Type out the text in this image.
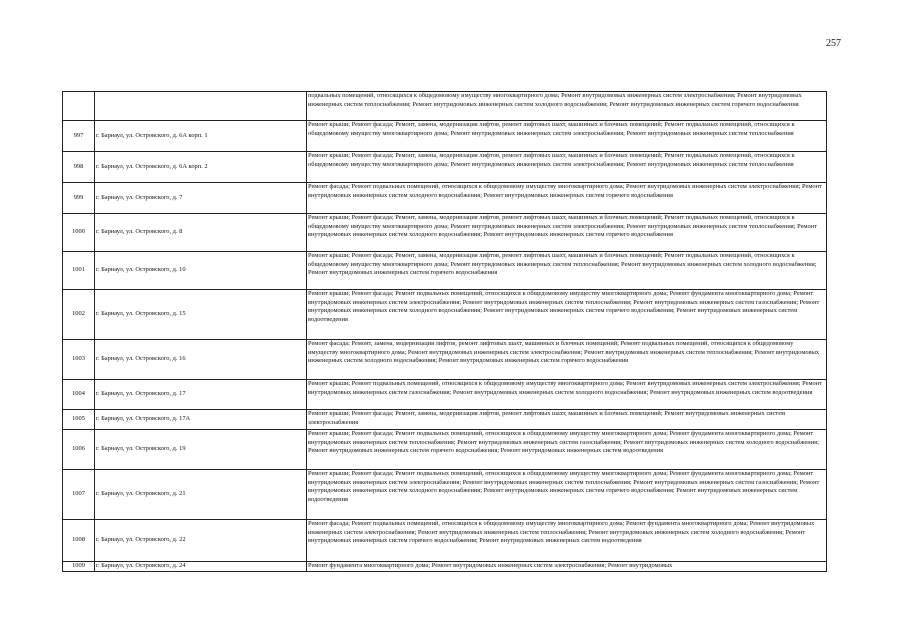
257
		подвальных помещений, относящихся к общедомовому имуществу многоквартирного дома; Ремонт внутридомовых инженерных систем электроснабжения; Ремонт внутридомовых инженерных систем теплоснабжения; Ремонт внутридомовых инженерных систем холодного водоснабжения; Ремонт внутридомовых инженерных систем горячего водоснабжения
997	г. Барнаул, ул. Островского, д. 6А корп. 1	Ремонт крыши; Ремонт фасада; Ремонт, замена, модернизация лифтов, ремонт лифтовых шахт, машинных и блочных помещений; Ремонт подвальных помещений, относящихся к общедомовому имуществу многоквартирного дома; Ремонт внутридомовых инженерных систем электроснабжения; Ремонт внутридомовых инженерных систем теплоснабжения
998	г. Барнаул, ул. Островского, д. 6А корп. 2	Ремонт крыши; Ремонт фасада; Ремонт, замена, модернизация лифтов, ремонт лифтовых шахт, машинных и блочных помещений; Ремонт подвальных помещений, относящихся к общедомовому имуществу многоквартирного дома; Ремонт внутридомовых инженерных систем электроснабжения; Ремонт внутридомовых инженерных систем теплоснабжения
999	г. Барнаул, ул. Островского, д. 7	Ремонт фасада; Ремонт подвальных помещений, относящихся к общедомовому имуществу многоквартирного дома; Ремонт внутридомовых инженерных систем электроснабжения; Ремонт внутридомовых инженерных систем холодного водоснабжения; Ремонт внутридомовых инженерных систем горячего водоснабжения
1000	г. Барнаул, ул. Островского, д. 8	Ремонт крыши; Ремонт фасада; Ремонт, замена, модернизация лифтов, ремонт лифтовых шахт, машинных и блочных помещений; Ремонт подвальных помещений, относящихся к общедомовому имуществу многоквартирного дома; Ремонт внутридомовых инженерных систем электроснабжения; Ремонт внутридомовых инженерных систем теплоснабжения; Ремонт внутридомовых инженерных систем холодного водоснабжения; Ремонт внутридомовых инженерных систем горячего водоснабжения
1001	г. Барнаул, ул. Островского, д. 10	Ремонт крыши; Ремонт фасада; Ремонт, замена, модернизация лифтов, ремонт лифтовых шахт, машинных и блочных помещений; Ремонт подвальных помещений, относящихся к общедомовому имуществу многоквартирного дома; Ремонт внутридомовых инженерных систем теплоснабжения; Ремонт внутридомовых инженерных систем холодного водоснабжения; Ремонт внутридомовых инженерных систем горячего водоснабжения
1002	г. Барнаул, ул. Островского, д. 15	Ремонт крыши; Ремонт фасада; Ремонт подвальных помещений, относящихся к общедомовому имуществу многоквартирного дома; Ремонт фундамента многоквартирного дома; Ремонт внутридомовых инженерных систем электроснабжения; Ремонт внутридомовых инженерных систем теплоснабжения; Ремонт внутридомовых инженерных систем газоснабжения; Ремонт внутридомовых инженерных систем холодного водоснабжения; Ремонт внутридомовых инженерных систем горячего водоснабжения; Ремонт внутридомовых инженерных систем водоотведения
1003	г. Барнаул, ул. Островского, д. 16	Ремонт фасада; Ремонт, замена, модернизация лифтов, ремонт лифтовых шахт, машинных и блочных помещений; Ремонт подвальных помещений, относящихся к общедомовому имуществу многоквартирного дома; Ремонт внутридомовых инженерных систем электроснабжения; Ремонт внутридомовых инженерных систем теплоснабжения; Ремонт внутридомовых инженерных систем холодного водоснабжения; Ремонт внутридомовых инженерных систем горячего водоснабжения
1004	г. Барнаул, ул. Островского, д. 17	Ремонт крыши; Ремонт подвальных помещений, относящихся к общедомовому имуществу многоквартирного дома; Ремонт внутридомовых инженерных систем электроснабжения; Ремонт внутридомовых инженерных систем газоснабжения; Ремонт внутридомовых инженерных систем холодного водоснабжения; Ремонт внутридомовых инженерных систем водоотведения
1005	г. Барнаул, ул. Островского, д. 17А	Ремонт крыши; Ремонт фасада; Ремонт, замена, модернизация лифтов, ремонт лифтовых шахт, машинных и блочных помещений; Ремонт внутридомовых инженерных систем электроснабжения
1006	г. Барнаул, ул. Островского, д. 19	Ремонт крыши; Ремонт фасада; Ремонт подвальных помещений, относящихся к общедомовому имуществу многоквартирного дома; Ремонт фундамента многоквартирного дома; Ремонт внутридомовых инженерных систем теплоснабжения; Ремонт внутридомовых инженерных систем газоснабжения; Ремонт внутридомовых инженерных систем холодного водоснабжения; Ремонт внутридомовых инженерных систем горячего водоснабжения; Ремонт внутридомовых инженерных систем водоотведения
1007	г. Барнаул, ул. Островского, д. 21	Ремонт крыши; Ремонт фасада; Ремонт подвальных помещений, относящихся к общедомовому имуществу многоквартирного дома; Ремонт фундамента многоквартирного дома; Ремонт внутридомовых инженерных систем электроснабжения; Ремонт внутридомовых инженерных систем теплоснабжения; Ремонт внутридомовых инженерных систем газоснабжения; Ремонт внутридомовых инженерных систем холодного водоснабжения; Ремонт внутридомовых инженерных систем горячего водоснабжения; Ремонт внутридомовых инженерных систем водоотведения
1008	г. Барнаул, ул. Островского, д. 22	Ремонт фасада; Ремонт подвальных помещений, относящихся к общедомовому имуществу многоквартирного дома; Ремонт фундамента многоквартирного дома; Ремонт внутридомовых инженерных систем электроснабжения; Ремонт внутридомовых инженерных систем теплоснабжения; Ремонт внутридомовых инженерных систем холодного водоснабжения; Ремонт внутридомовых инженерных систем горячего водоснабжения; Ремонт внутридомовых инженерных систем водоотведения
1009	г. Барнаул, ул. Островского, д. 24	Ремонт фундамента многоквартирного дома; Ремонт внутридомовых инженерных систем электроснабжения; Ремонт внутридомовых
